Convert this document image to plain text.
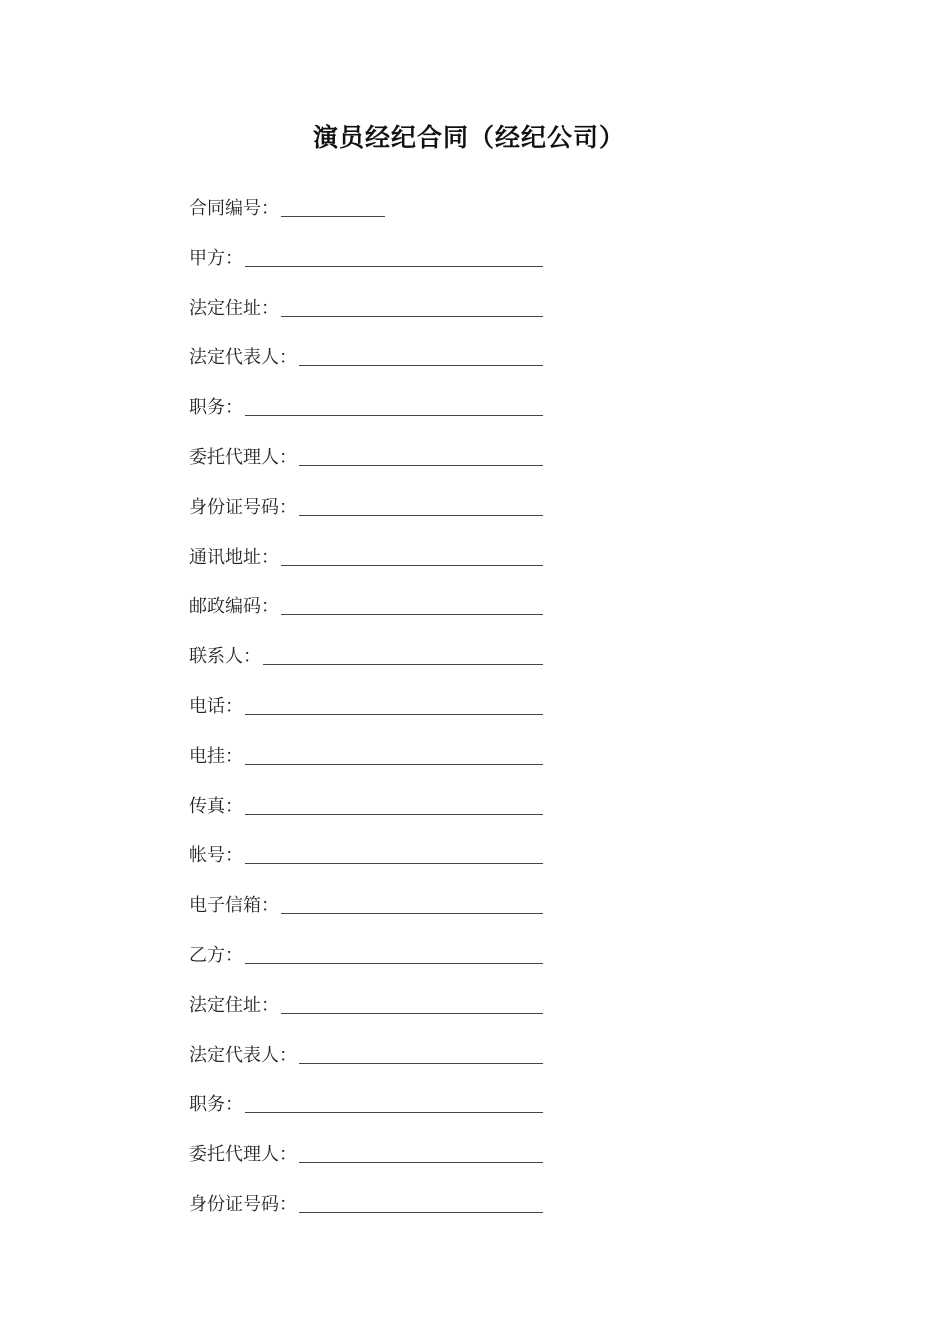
演员经纪合同（经纪公司）
合同编号：
甲方：
法定住址：
法定代表人：
职务：
委托代理人：
身份证号码：
通讯地址：
邮政编码：
联系人：
电话：
电挂：
传真：
帐号：
电子信箱：
乙方：
法定住址：
法定代表人：
职务：
委托代理人：
身份证号码：
